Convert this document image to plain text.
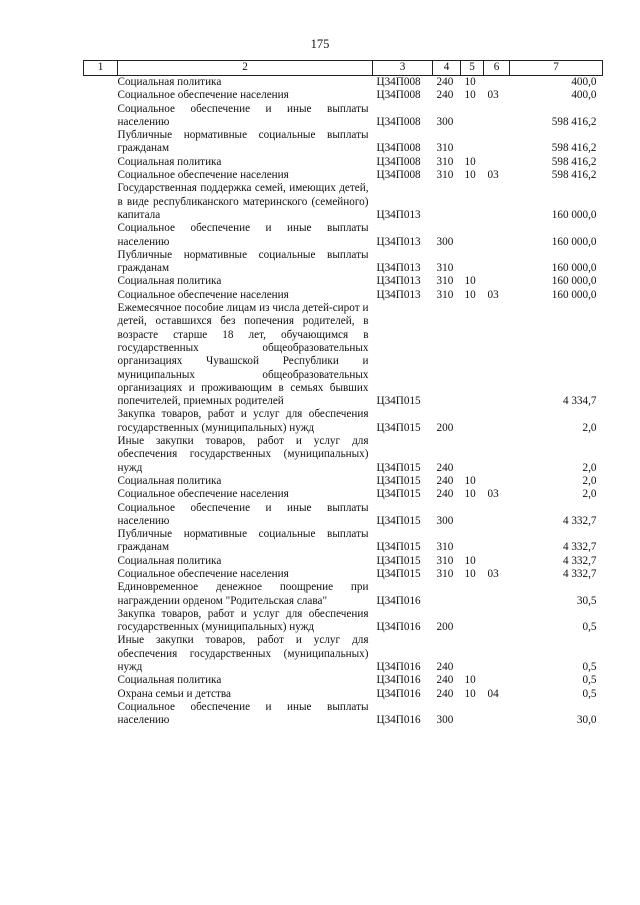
175
1	2	3	4	5	6	7
	Социальная политика	Ц34П008	240	10		400,0
	Социальное обеспечение населения	Ц34П008	240	10	03	400,0
	Социальное обеспечение и иные выплаты населению	Ц34П008	300			598 416,2
	Публичные нормативные социальные выплаты гражданам	Ц34П008	310			598 416,2
	Социальная политика	Ц34П008	310	10		598 416,2
	Социальное обеспечение населения	Ц34П008	310	10	03	598 416,2
	Государственная поддержка семей, имеющих детей, в виде республиканского материнского (семейного) капитала	Ц34П013				160 000,0
	Социальное обеспечение и иные выплаты населению	Ц34П013	300			160 000,0
	Публичные нормативные социальные выплаты гражданам	Ц34П013	310			160 000,0
	Социальная политика	Ц34П013	310	10		160 000,0
	Социальное обеспечение населения	Ц34П013	310	10	03	160 000,0
	Ежемесячное пособие лицам из числа детей-сирот и детей, оставшихся без попечения родителей, в возрасте старше 18 лет, обучающимся в государственных общеобразовательных организациях Чувашской Республики и муниципальных общеобразовательных организациях и проживающим в семьях бывших попечителей, приемных родителей	Ц34П015				4 334,7
	Закупка товаров, работ и услуг для обеспечения государственных (муниципальных) нужд	Ц34П015	200			2,0
	Иные закупки товаров, работ и услуг для обеспечения государственных (муниципальных) нужд	Ц34П015	240			2,0
	Социальная политика	Ц34П015	240	10		2,0
	Социальное обеспечение населения	Ц34П015	240	10	03	2,0
	Социальное обеспечение и иные выплаты населению	Ц34П015	300			4 332,7
	Публичные нормативные социальные выплаты гражданам	Ц34П015	310			4 332,7
	Социальная политика	Ц34П015	310	10		4 332,7
	Социальное обеспечение населения	Ц34П015	310	10	03	4 332,7
	Единовременное денежное поощрение при награждении орденом "Родительская слава"	Ц34П016				30,5
	Закупка товаров, работ и услуг для обеспечения государственных (муниципальных) нужд	Ц34П016	200			0,5
	Иные закупки товаров, работ и услуг для обеспечения государственных (муниципальных) нужд	Ц34П016	240			0,5
	Социальная политика	Ц34П016	240	10		0,5
	Охрана семьи и детства	Ц34П016	240	10	04	0,5
	Социальное обеспечение и иные выплаты населению	Ц34П016	300			30,0
